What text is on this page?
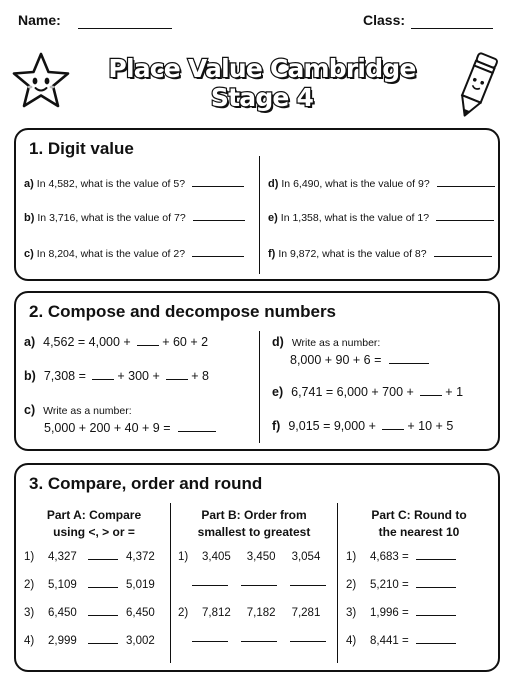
Name:	Class:
Place Value Cambridge Stage 4
1. Digit value
a) In 4,582, what is the value of 5?
b) In 3,716, what is the value of 7?
c) In 8,204, what is the value of 2?
d) In 6,490, what is the value of 9?
e) In 1,358, what is the value of 1?
f) In 9,872, what is the value of 8?
2. Compose and decompose numbers
a) 4,562 = 4,000 +	+ 60 + 2
b) 7,308 =	+ 300 +	+ 8
c) Write as a number:
5,000 + 200 + 40 + 9 =
d) Write as a number:
8,000 + 90 + 6 =
e) 6,741 = 6,000 + 700 +	+ 1
f) 9,015 = 9,000 +	+ 10 + 5
3. Compare, order and round
Part A: Compare
using <, > or =
1) 4,327	4,372
2) 5,109	5,019
3) 6,450	6,450
4) 2,999	3,002
Part B: Order from
smallest to greatest
1) 3,405 3,450 3,054

2) 7,812 7,182 7,281

Part C: Round to
the nearest 10
1) 4,683 =
2) 5,210 =
3) 1,996 =
4) 8,441 =
